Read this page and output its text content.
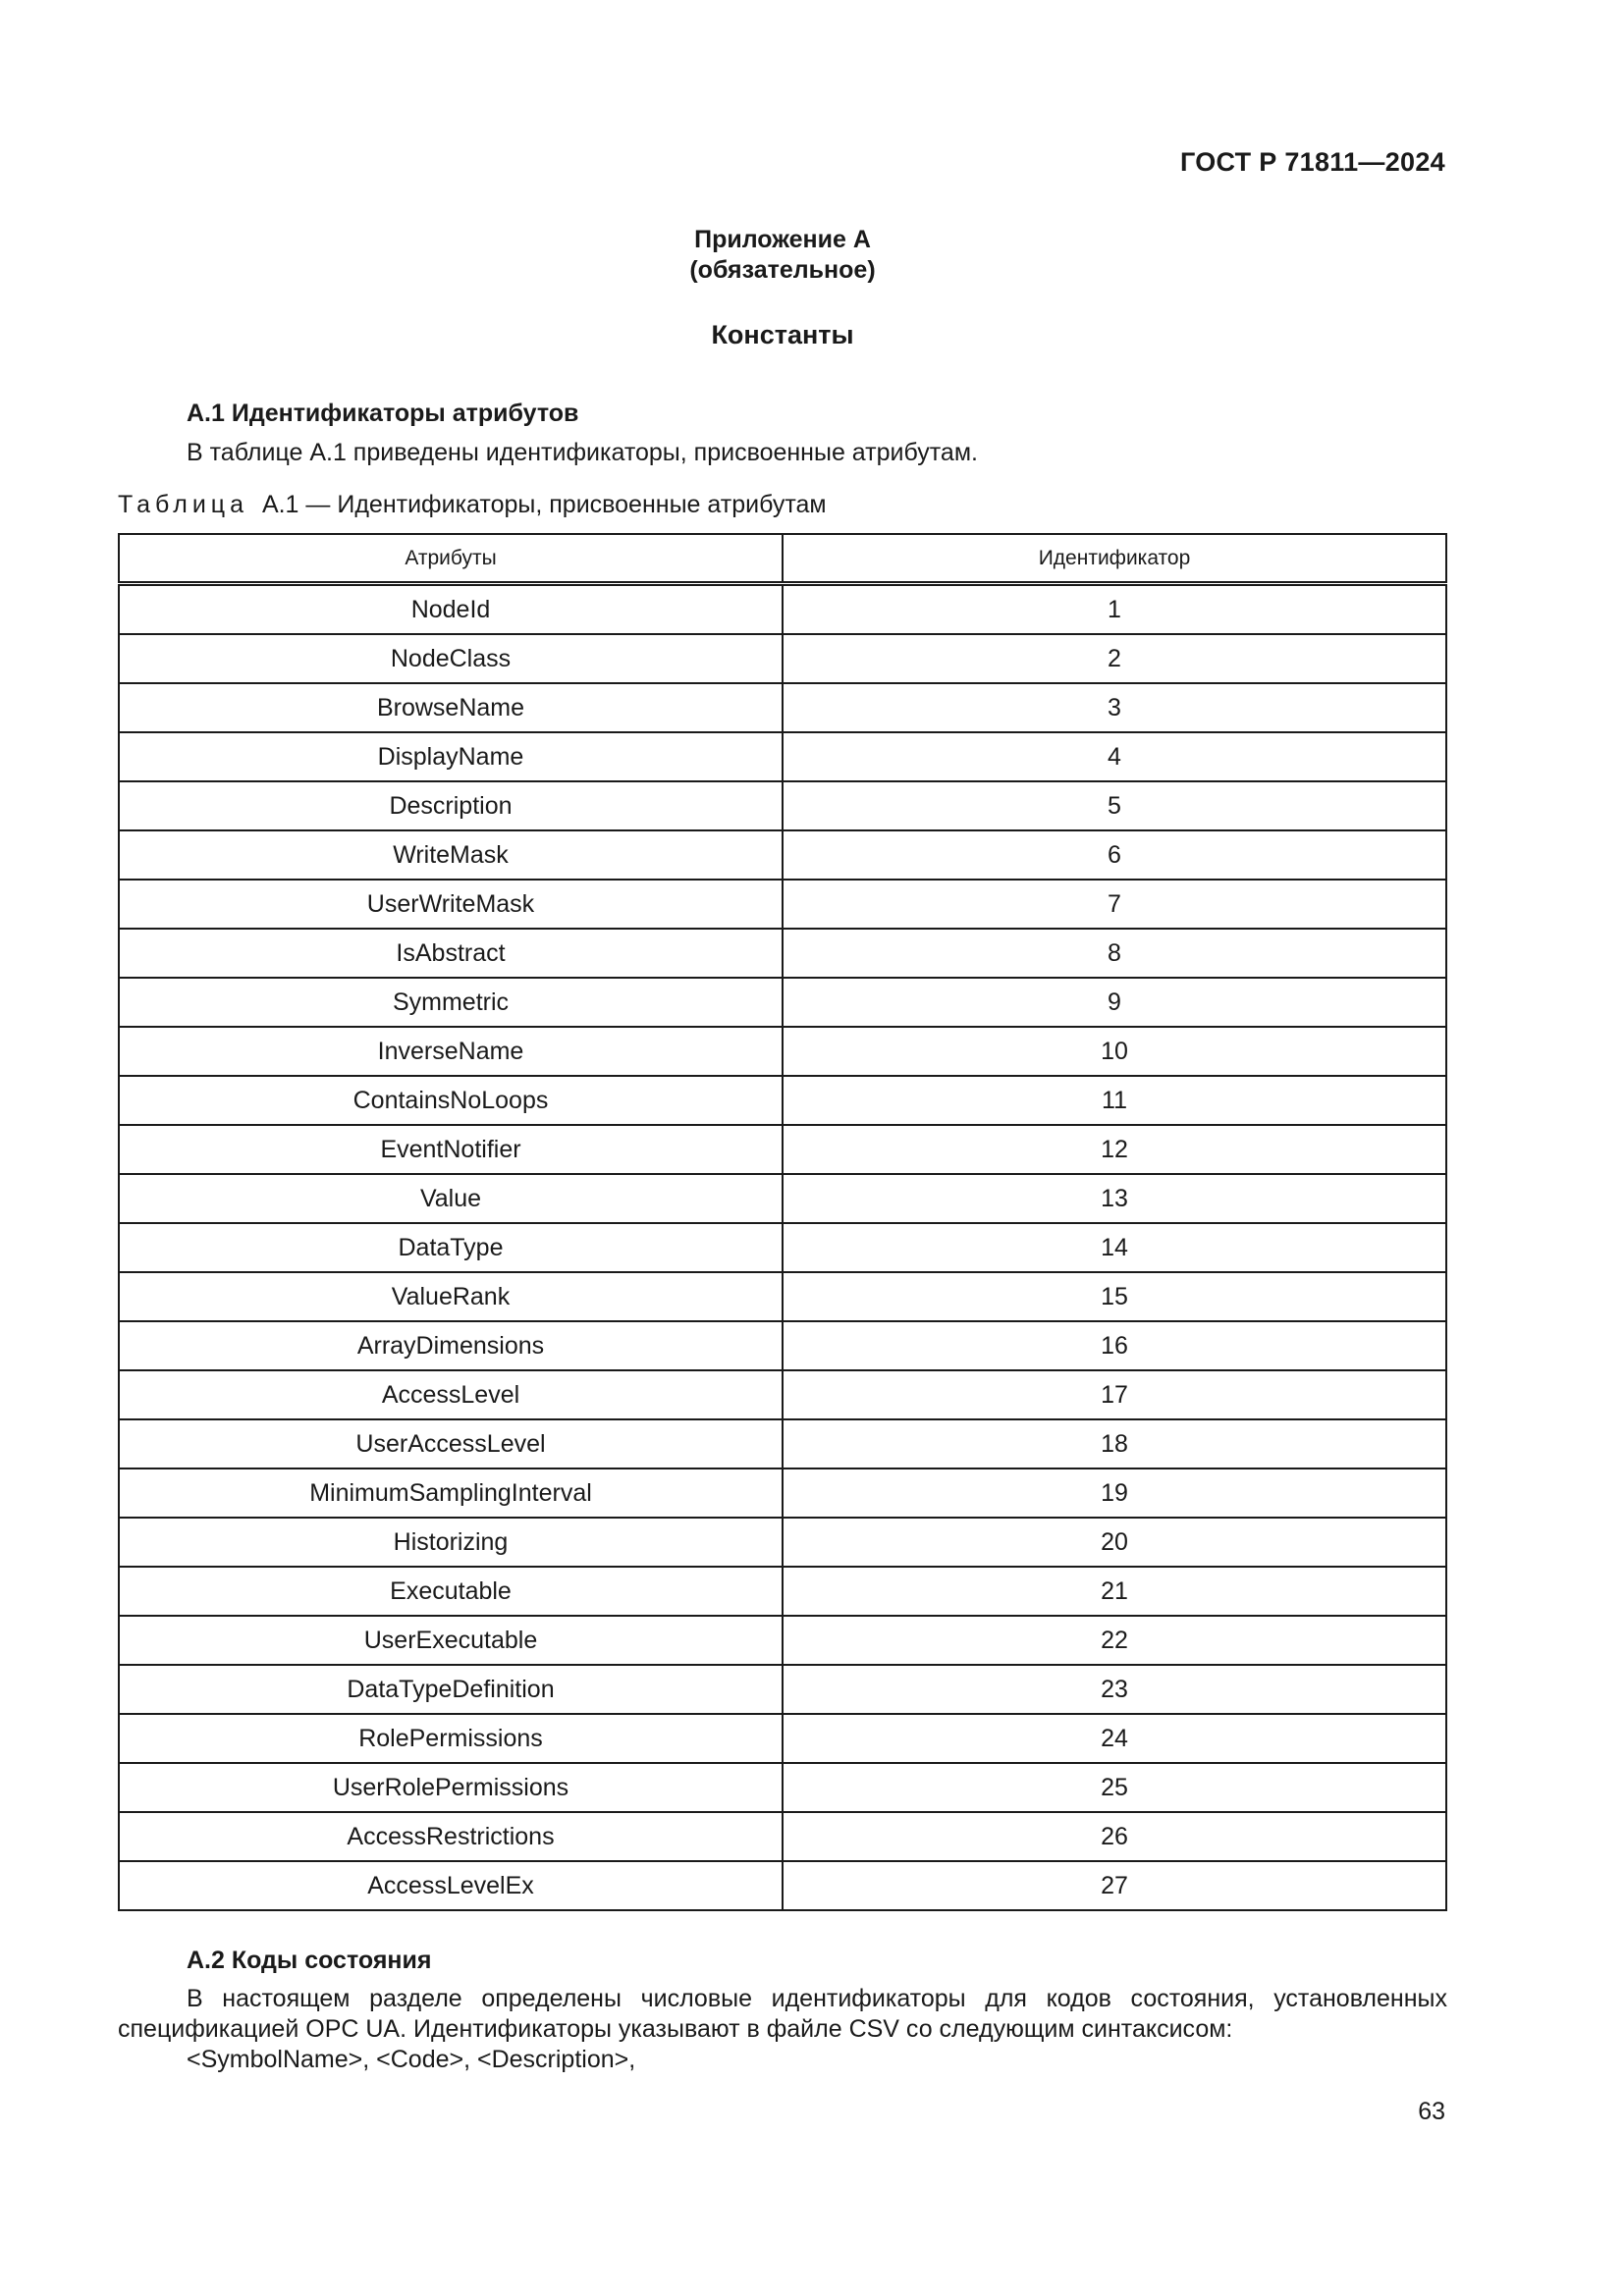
ГОСТ Р 71811—2024
Приложение А
(обязательное)
Константы
А.1 Идентификаторы атрибутов
В таблице А.1 приведены идентификаторы, присвоенные атрибутам.
Таблица А.1 — Идентификаторы, присвоенные атрибутам
Атрибуты	Идентификатор
NodeId	1
NodeClass	2
BrowseName	3
DisplayName	4
Description	5
WriteMask	6
UserWriteMask	7
IsAbstract	8
Symmetric	9
InverseName	10
ContainsNoLoops	11
EventNotifier	12
Value	13
DataType	14
ValueRank	15
ArrayDimensions	16
AccessLevel	17
UserAccessLevel	18
MinimumSamplingInterval	19
Historizing	20
Executable	21
UserExecutable	22
DataTypeDefinition	23
RolePermissions	24
UserRolePermissions	25
AccessRestrictions	26
AccessLevelEx	27
А.2 Коды состояния
В настоящем разделе определены числовые идентификаторы для кодов состояния, установленных
спецификацией OPC UA. Идентификаторы указывают в файле CSV со следующим синтаксисом:
<SymbolName>, <Code>, <Description>,
63
